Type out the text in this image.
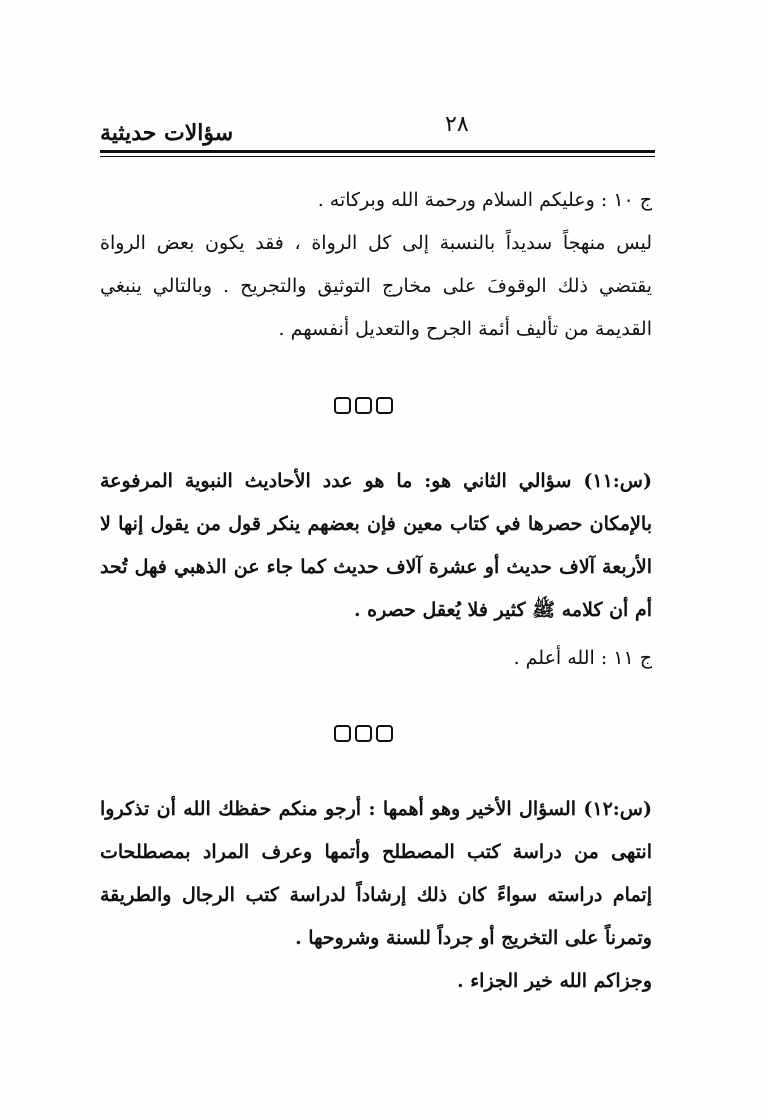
سؤالات حديثية	٢٨
ج ١٠ : وعليكم السلام ورحمة الله وبركاته .
ليس منهجاً سديداً بالنسبة إلى كل الرواة ، فقد يكون بعض الرواة
يقتضي ذلك الوقوفَ على مخارج التوثيق والتجريح . وبالتالي ينبغي
القديمة من تأليف أئمة الجرح والتعديل أنفسهم .
(س:١١) سؤالي الثاني هو: ما هو عدد الأحاديث النبوية المرفوعة
بالإمكان حصرها في كتاب معين فإن بعضهم ينكر قول من يقول إنها لا
الأربعة آلاف حديث أو عشرة آلاف حديث كما جاء عن الذهبي فهل تُحد
أم أن كلامه ﷺ كثير فلا يُعقل حصره .
ج ١١ : الله أعلم .
(س:١٢) السؤال الأخير وهو أهمها : أرجو منكم حفظك الله أن تذكروا
انتهى من دراسة كتب المصطلح وأتمها وعرف المراد بمصطلحات
إتمام دراسته سواءً كان ذلك إرشاداً لدراسة كتب الرجال والطريقة
وتمرناً على التخريج أو جرداً للسنة وشروحها .
وجزاكم الله خير الجزاء .
